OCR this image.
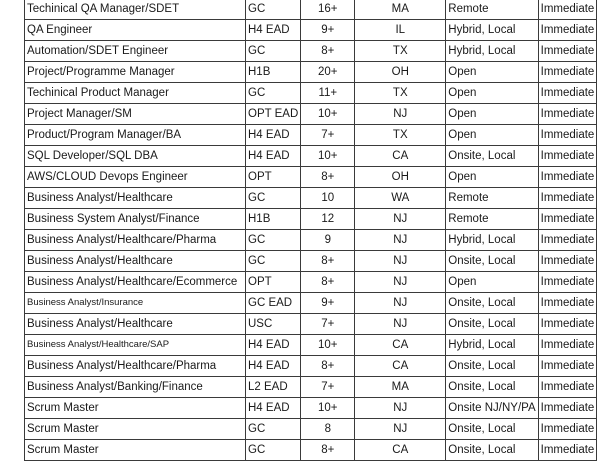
Techinical QA Manager/SDET	GC	16+	MA	Remote	Immediate
QA Engineer	H4 EAD	9+	IL	Hybrid, Local	Immediate
Automation/SDET Engineer	GC	8+	TX	Hybrid, Local	Immediate
Project/Programme Manager	H1B	20+	OH	Open	Immediate
Techinical Product Manager	GC	11+	TX	Open	Immediate
Project Manager/SM	OPT EAD	10+	NJ	Open	Immediate
Product/Program Manager/BA	H4 EAD	7+	TX	Open	Immediate
SQL Developer/SQL DBA	H4 EAD	10+	CA	Onsite, Local	Immediate
AWS/CLOUD Devops Engineer	OPT	8+	OH	Open	Immediate
Business Analyst/Healthcare	GC	10	WA	Remote	Immediate
Business System Analyst/Finance	H1B	12	NJ	Remote	Immediate
Business Analyst/Healthcare/Pharma	GC	9	NJ	Hybrid, Local	Immediate
Business Analyst/Healthcare	GC	8+	NJ	Onsite, Local	Immediate
Business Analyst/Healthcare/Ecommerce	OPT	8+	NJ	Open	Immediate
Business Analyst/Insurance	GC EAD	9+	NJ	Onsite, Local	Immediate
Business Analyst/Healthcare	USC	7+	NJ	Onsite, Local	Immediate
Business Analyst/Healthcare/SAP	H4 EAD	10+	CA	Hybrid, Local	Immediate
Business Analyst/Healthcare/Pharma	H4 EAD	8+	CA	Onsite, Local	Immediate
Business Analyst/Banking/Finance	L2 EAD	7+	MA	Onsite, Local	Immediate
Scrum Master	H4 EAD	10+	NJ	Onsite NJ/NY/PA	Immediate
Scrum Master	GC	8	NJ	Onsite, Local	Immediate
Scrum Master	GC	8+	CA	Onsite, Local	Immediate
